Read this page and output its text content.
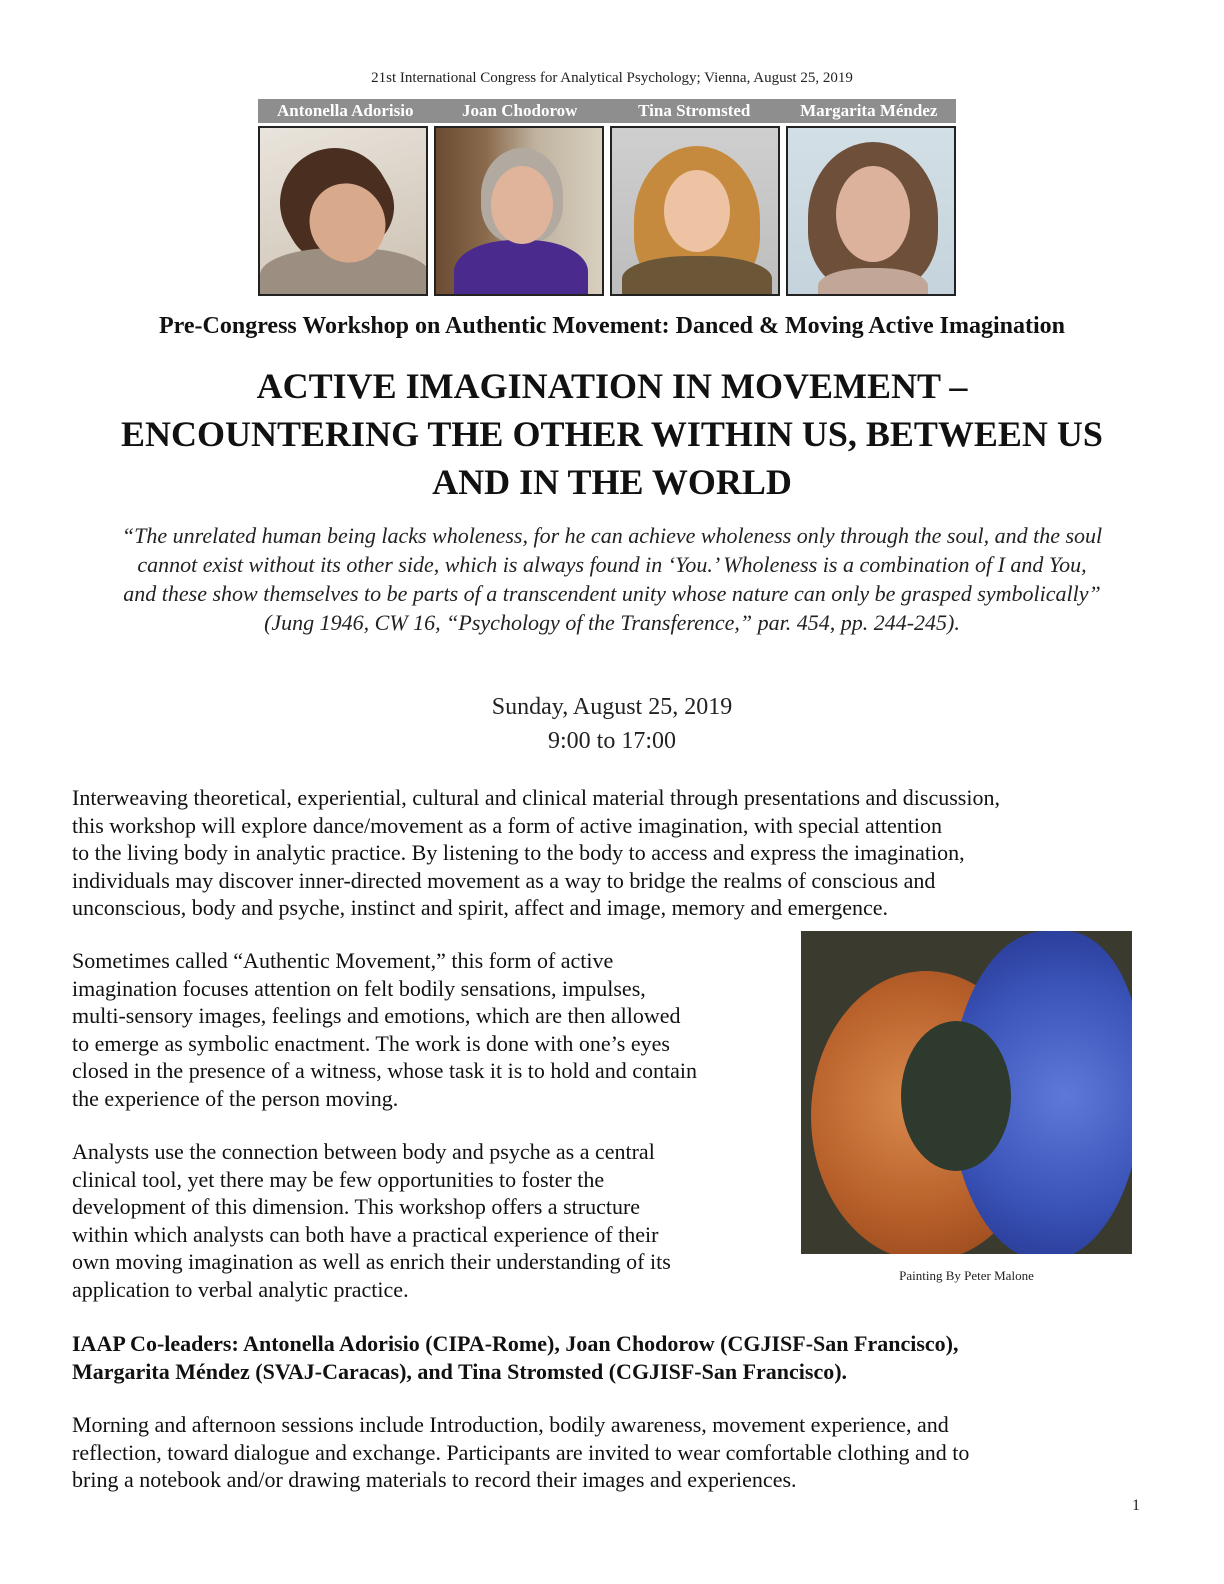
21st International Congress for Analytical Psychology; Vienna, August 25, 2019
Antonella Adorisio	Joan Chodorow	Tina Stromsted	Margarita Méndez
Pre-Congress Workshop on Authentic Movement: Danced & Moving Active Imagination
ACTIVE IMAGINATION IN MOVEMENT –
ENCOUNTERING THE OTHER WITHIN US, BETWEEN US
AND IN THE WORLD

“The unrelated human being lacks wholeness, for he can achieve wholeness only through the soul, and the soul
cannot exist without its other side, which is always found in ‘You.’ Wholeness is a combination of I and You,
and these show themselves to be parts of a transcendent unity whose nature can only be grasped symbolically”
(Jung 1946, CW 16, “Psychology of the Transference,” par. 454, pp. 244-245).

Sunday, August 25, 2019
9:00 to 17:00

Interweaving theoretical, experiential, cultural and clinical material through presentations and discussion,
this workshop will explore dance/movement as a form of active imagination, with special attention
to the living body in analytic practice. By listening to the body to access and express the imagination,
individuals may discover inner-directed movement as a way to bridge the realms of conscious and
unconscious, body and psyche, instinct and spirit, affect and image, memory and emergence.

Sometimes called “Authentic Movement,” this form of active
imagination focuses attention on felt bodily sensations, impulses,
multi-sensory images, feelings and emotions, which are then allowed
to emerge as symbolic enactment. The work is done with one’s eyes
closed in the presence of a witness, whose task it is to hold and contain
the experience of the person moving.

Analysts use the connection between body and psyche as a central
clinical tool, yet there may be few opportunities to foster the
development of this dimension. This workshop offers a structure
within which analysts can both have a practical experience of their
own moving imagination as well as enrich their understanding of its
application to verbal analytic practice.

Painting By Peter Malone

IAAP Co-leaders: Antonella Adorisio (CIPA-Rome), Joan Chodorow (CGJISF-San Francisco),
Margarita Méndez (SVAJ-Caracas), and Tina Stromsted (CGJISF-San Francisco).

Morning and afternoon sessions include Introduction, bodily awareness, movement experience, and
reflection, toward dialogue and exchange. Participants are invited to wear comfortable clothing and to
bring a notebook and/or drawing materials to record their images and experiences.

1
